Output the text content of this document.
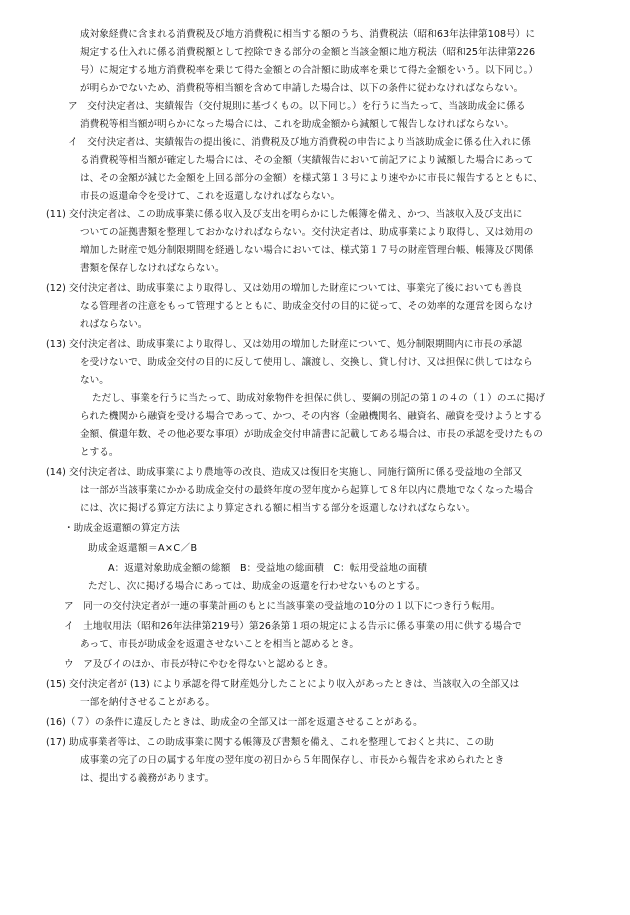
成対象経費に含まれる消費税及び地方消費税に相当する額のうち、消費税法（昭和63年法律第108号）に
規定する仕入れに係る消費税額として控除できる部分の金額と当該金額に地方税法（昭和25年法律第226
号）に規定する地方消費税率を乗じて得た金額との合計額に助成率を乗じて得た金額をいう。以下同じ。）
が明らかでないため、消費税等相当額を含めて申請した場合は、以下の条件に従わなければならない。
ア　交付決定者は、実績報告（交付規則に基づくもの。以下同じ。）を行うに当たって、当該助成金に係る
消費税等相当額が明らかになった場合には、これを助成金額から減額して報告しなければならない。
イ　交付決定者は、実績報告の提出後に、消費税及び地方消費税の申告により当該助成金に係る仕入れに係
る消費税等相当額が確定した場合には、その金額（実績報告において前記アにより減額した場合にあって
は、その金額が減じた金額を上回る部分の金額）を様式第１３号により速やかに市長に報告するとともに、
市長の返還命令を受けて、これを返還しなければならない。
(11) 交付決定者は、この助成事業に係る収入及び支出を明らかにした帳簿を備え、かつ、当該収入及び支出に
ついての証拠書類を整理しておかなければならない。交付決定者は、助成事業により取得し、又は効用の
増加した財産で処分制限期間を経過しない場合においては、様式第１７号の財産管理台帳、帳簿及び関係
書類を保存しなければならない。
(12) 交付決定者は、助成事業により取得し、又は効用の増加した財産については、事業完了後においても善良
なる管理者の注意をもって管理するとともに、助成金交付の目的に従って、その効率的な運営を図らなけ
ればならない。
(13) 交付決定者は、助成事業により取得し、又は効用の増加した財産について、処分制限期間内に市長の承認
を受けないで、助成金交付の目的に反して使用し、譲渡し、交換し、貸し付け、又は担保に供してはなら
ない。
ただし、事業を行うに当たって、助成対象物件を担保に供し、要綱の別記の第１の４の（１）のエに掲げ
られた機関から融資を受ける場合であって、かつ、その内容（金融機関名、融資名、融資を受けようとする
金額、償還年数、その他必要な事項）が助成金交付申請書に記載してある場合は、市長の承認を受けたもの
とする。
(14) 交付決定者は、助成事業により農地等の改良、造成又は復旧を実施し、同施行箇所に係る受益地の全部又
は一部が当該事業にかかる助成金交付の最終年度の翌年度から起算して８年以内に農地でなくなった場合
には、次に掲げる算定方法により算定される額に相当する部分を返還しなければならない。
・助成金返還額の算定方法
助成金返還額＝A×C／B
A：返還対象助成金額の総額　B：受益地の総面積　C：転用受益地の面積
ただし、次に掲げる場合にあっては、助成金の返還を行わせないものとする。
ア　同一の交付決定者が一連の事業計画のもとに当該事業の受益地の10分の１以下につき行う転用。
イ　土地収用法（昭和26年法律第219号）第26条第１項の規定による告示に係る事業の用に供する場合で
あって、市長が助成金を返還させないことを相当と認めるとき。
ウ　ア及びイのほか、市長が特にやむを得ないと認めるとき。
(15) 交付決定者が (13) により承認を得て財産処分したことにより収入があったときは、当該収入の全部又は
一部を納付させることがある。
(16)（７）の条件に違反したときは、助成金の全部又は一部を返還させることがある。
(17) 助成事業者等は、この助成事業に関する帳簿及び書類を備え、これを整理しておくと共に、この助
成事業の完了の日の属する年度の翌年度の初日から５年間保存し、市長から報告を求められたとき
は、提出する義務があります。
